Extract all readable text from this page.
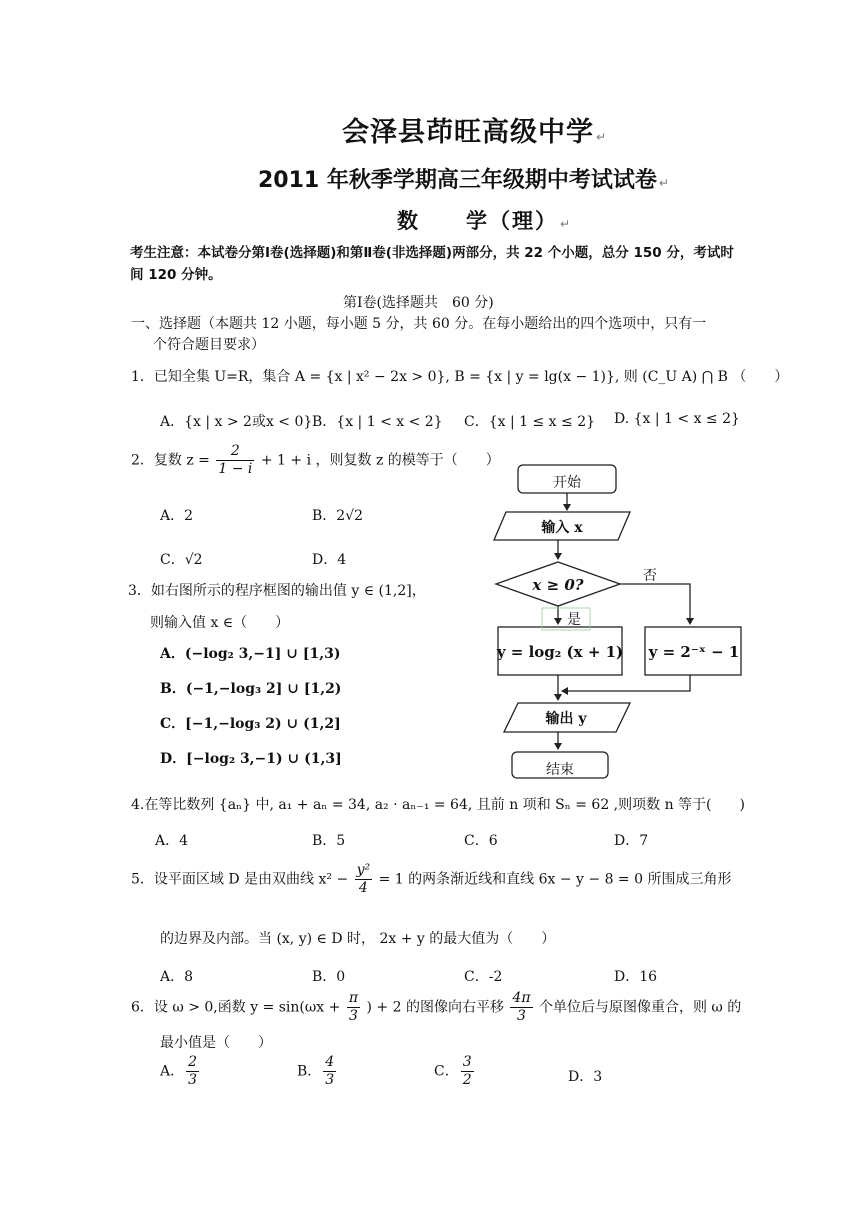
会泽县茚旺高级中学 ↵
2011 年秋季学期高三年级期中考试试卷 ↵
数　　学（理） ↵
考生注意：本试卷分第Ⅰ卷(选择题)和第Ⅱ卷(非选择题)两部分，共 22 个小题，总分 150 分，考试时间 120 分钟。
第Ⅰ卷(选择题共　60 分)
一、选择题（本题共 12 小题，每小题 5 分，共 60 分。在每小题给出的四个选项中，只有一
个符合题目要求）
1．已知全集 U=R，集合 A = {x | x² − 2x > 0}, B = {x | y = lg(x − 1)}, 则 (C_U A) ⋂ B （　　）
A．{x | x > 2或x < 0} B．{x | 1 < x < 2} C．{x | 1 ≤ x ≤ 2} D. {x | 1 < x ≤ 2}
2．复数 $z = \frac{2}{1 - i} + 1 + i$ ，则复数 z 的模等于（　　）
A．2	B．2√2
C．√2	D．4
3．如右图所示的程序框图的输出值 y ∈ (1,2]，
则输入值 x ∈（　　）
A．(−log₂ 3,−1] ∪ [1,3)
B．(−1,−log₃ 2] ∪ [1,2)
C．[−1,−log₃ 2) ∪ (1,2]
D．[−log₂ 3,−1) ∪ (1,3]
开始
输入 x
x ≥ 0?	否
是
y = log₂ (x + 1) y = 2⁻ˣ − 1
输出 y
结束
4.在等比数列 {aₙ} 中, a₁ + aₙ = 34, a₂ · aₙ₋₁ = 64, 且前 n 项和 Sₙ = 62 ,则项数 n 等于(　　)
A．4	B．5	C．6	D．7
5．设平面区域 D 是由双曲线 $x^2 - \frac{\text{y²}}{4} = 1$ 的两条渐近线和直线 6x − y − 8 = 0 所围成三角形
的边界及内部。当 (x, y) ∈ D 时， 2x + y 的最大值为（　　）
A．8	B．0	C．-2	D．16
6．设 ω > 0,函数 $y = \sin(\omega x + \frac{\pi}{3}$ ) + 2 的图像向右平移 $\frac{4\pi}{3}$ 个单位后与原图像重合，则 ω 的
最小值是（　　）
A． $\frac{2}{3}$	B． $\frac{4}{3}$	C． $\frac{3}{2}$	D．3
